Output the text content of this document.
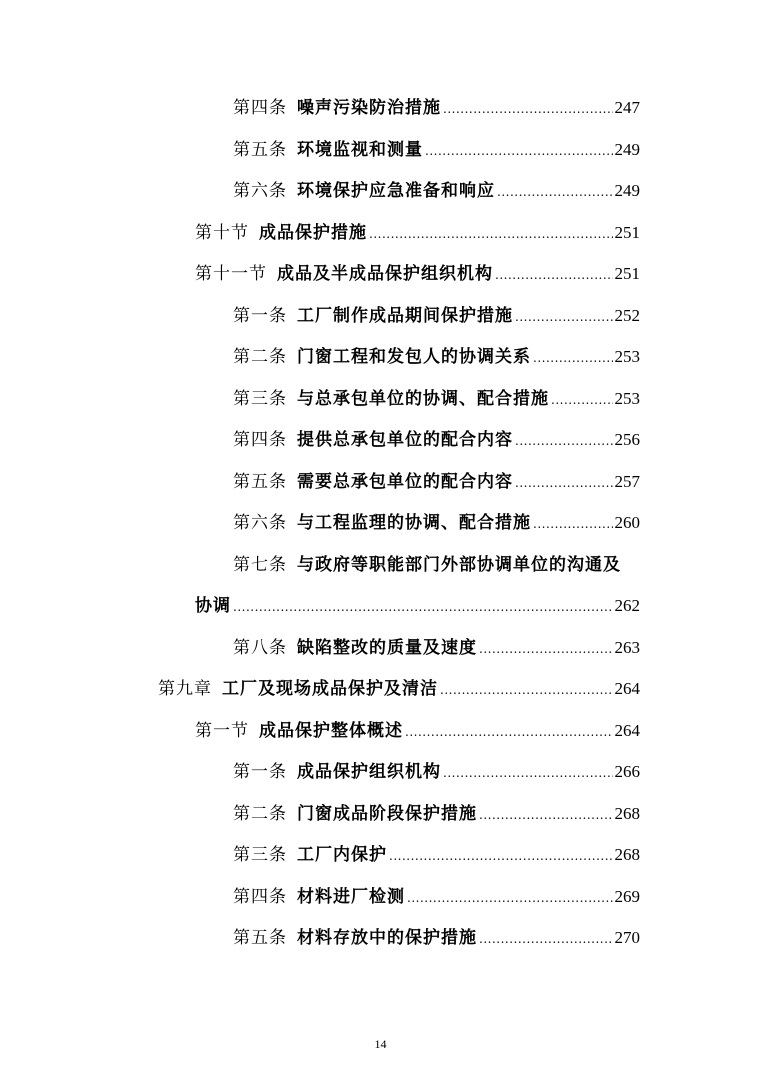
第四条 噪声污染防治措施 .....	247
第五条 环境监视和测量 .....	249
第六条 环境保护应急准备和响应 .....	249
第十节 成品保护措施 .....	251
第十一节 成品及半成品保护组织机构 .....	251
第一条 工厂制作成品期间保护措施 .....	252
第二条 门窗工程和发包人的协调关系 .....	253
第三条 与总承包单位的协调、配合措施 .....	253
第四条 提供总承包单位的配合内容 .....	256
第五条 需要总承包单位的配合内容 .....	257
第六条 与工程监理的协调、配合措施 .....	260
第七条 与政府等职能部门外部协调单位的沟通及
协调 .....	262
第八条 缺陷整改的质量及速度 .....	263
第九章 工厂及现场成品保护及清洁 .....	264
第一节 成品保护整体概述 .....	264
第一条 成品保护组织机构 .....	266
第二条 门窗成品阶段保护措施 .....	268
第三条 工厂内保护 .....	268
第四条 材料进厂检测 .....	269
第五条 材料存放中的保护措施 .....	270
14
